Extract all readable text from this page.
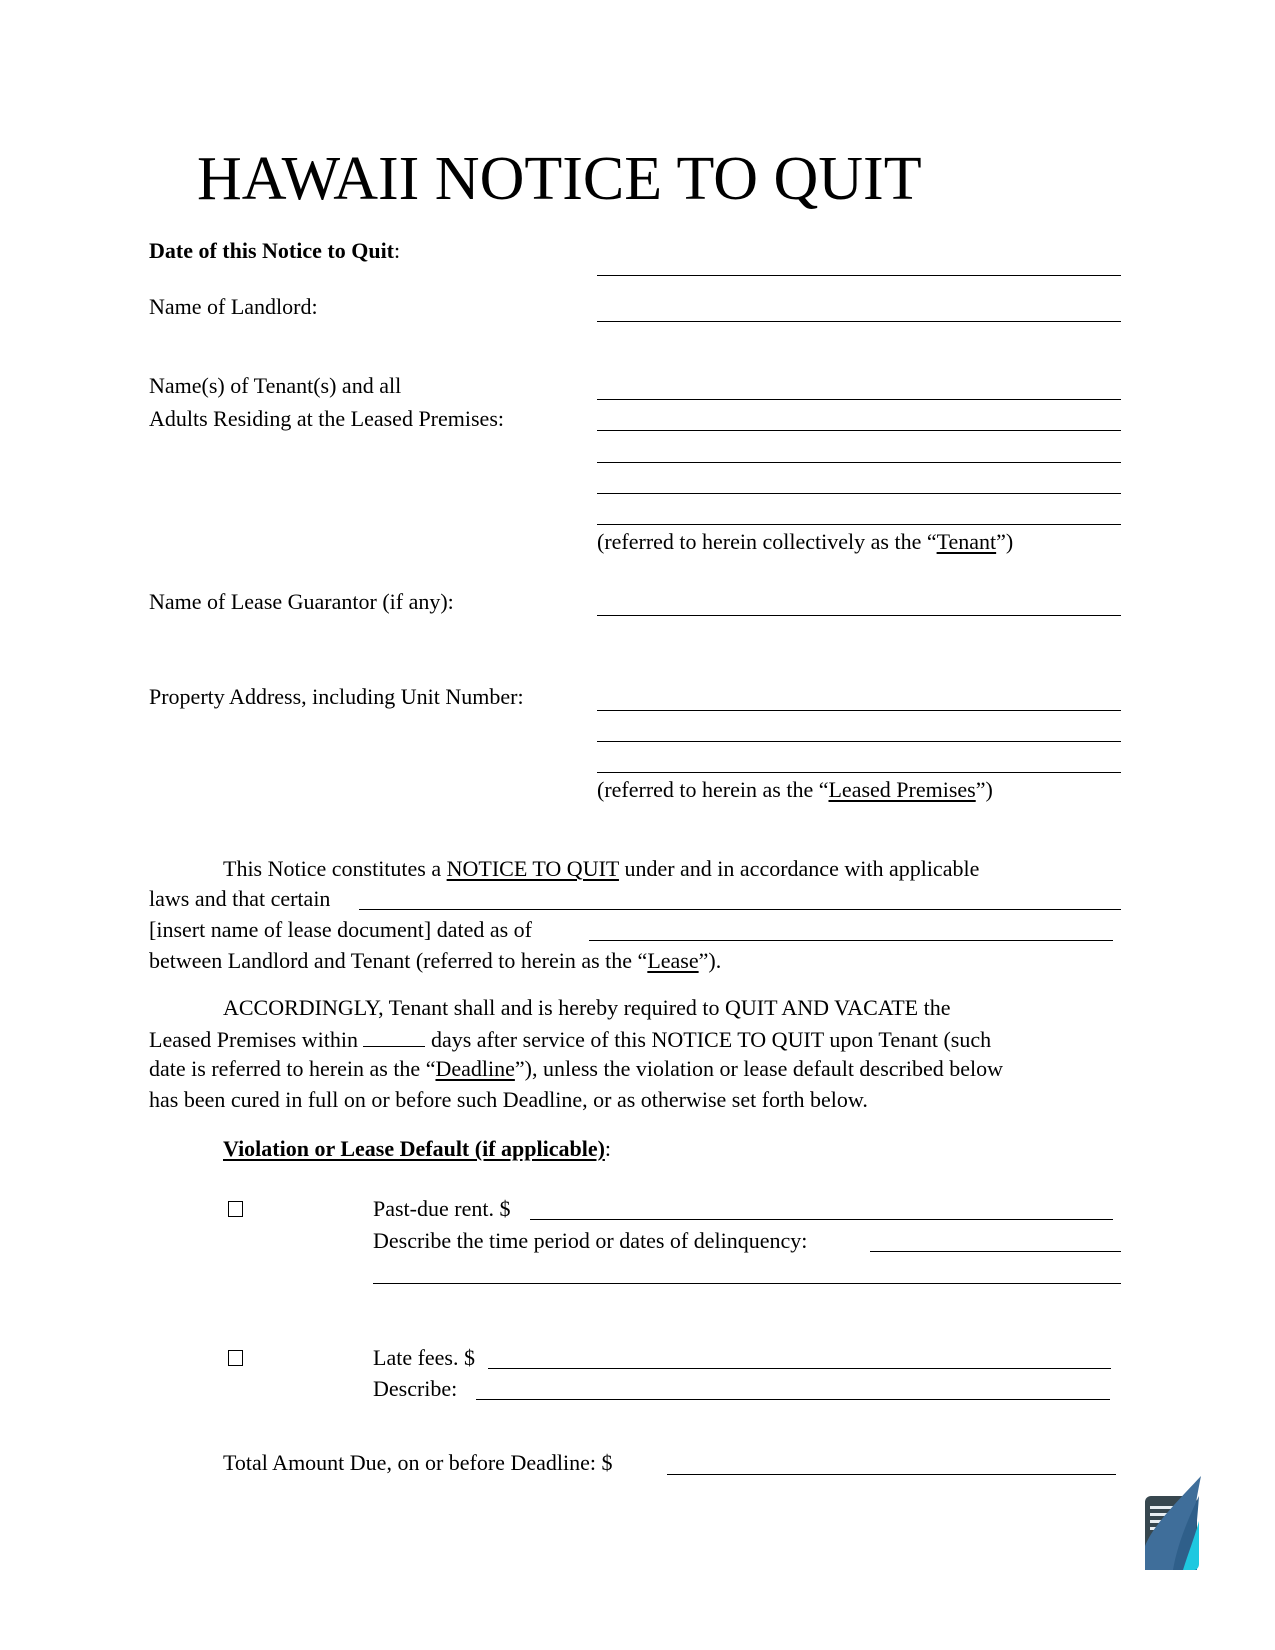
HAWAII NOTICE TO QUIT
Date of this Notice to Quit:
Name of Landlord:
Name(s) of Tenant(s) and all
Adults Residing at the Leased Premises:
(referred to herein collectively as the “Tenant”)
Name of Lease Guarantor (if any):
Property Address, including Unit Number:
(referred to herein as the “Leased Premises”)
This Notice constitutes a NOTICE TO QUIT under and in accordance with applicable
laws and that certain
[insert name of lease document] dated as of
between Landlord and Tenant (referred to herein as the “Lease”).
ACCORDINGLY, Tenant shall and is hereby required to QUIT AND VACATE the
Leased Premises within	days after service of this NOTICE TO QUIT upon Tenant (such
date is referred to herein as the “Deadline”), unless the violation or lease default described below
has been cured in full on or before such Deadline, or as otherwise set forth below.
Violation or Lease Default (if applicable):
Past-due rent. $
Describe the time period or dates of delinquency:
Late fees. $
Describe:
Total Amount Due, on or before Deadline: $
